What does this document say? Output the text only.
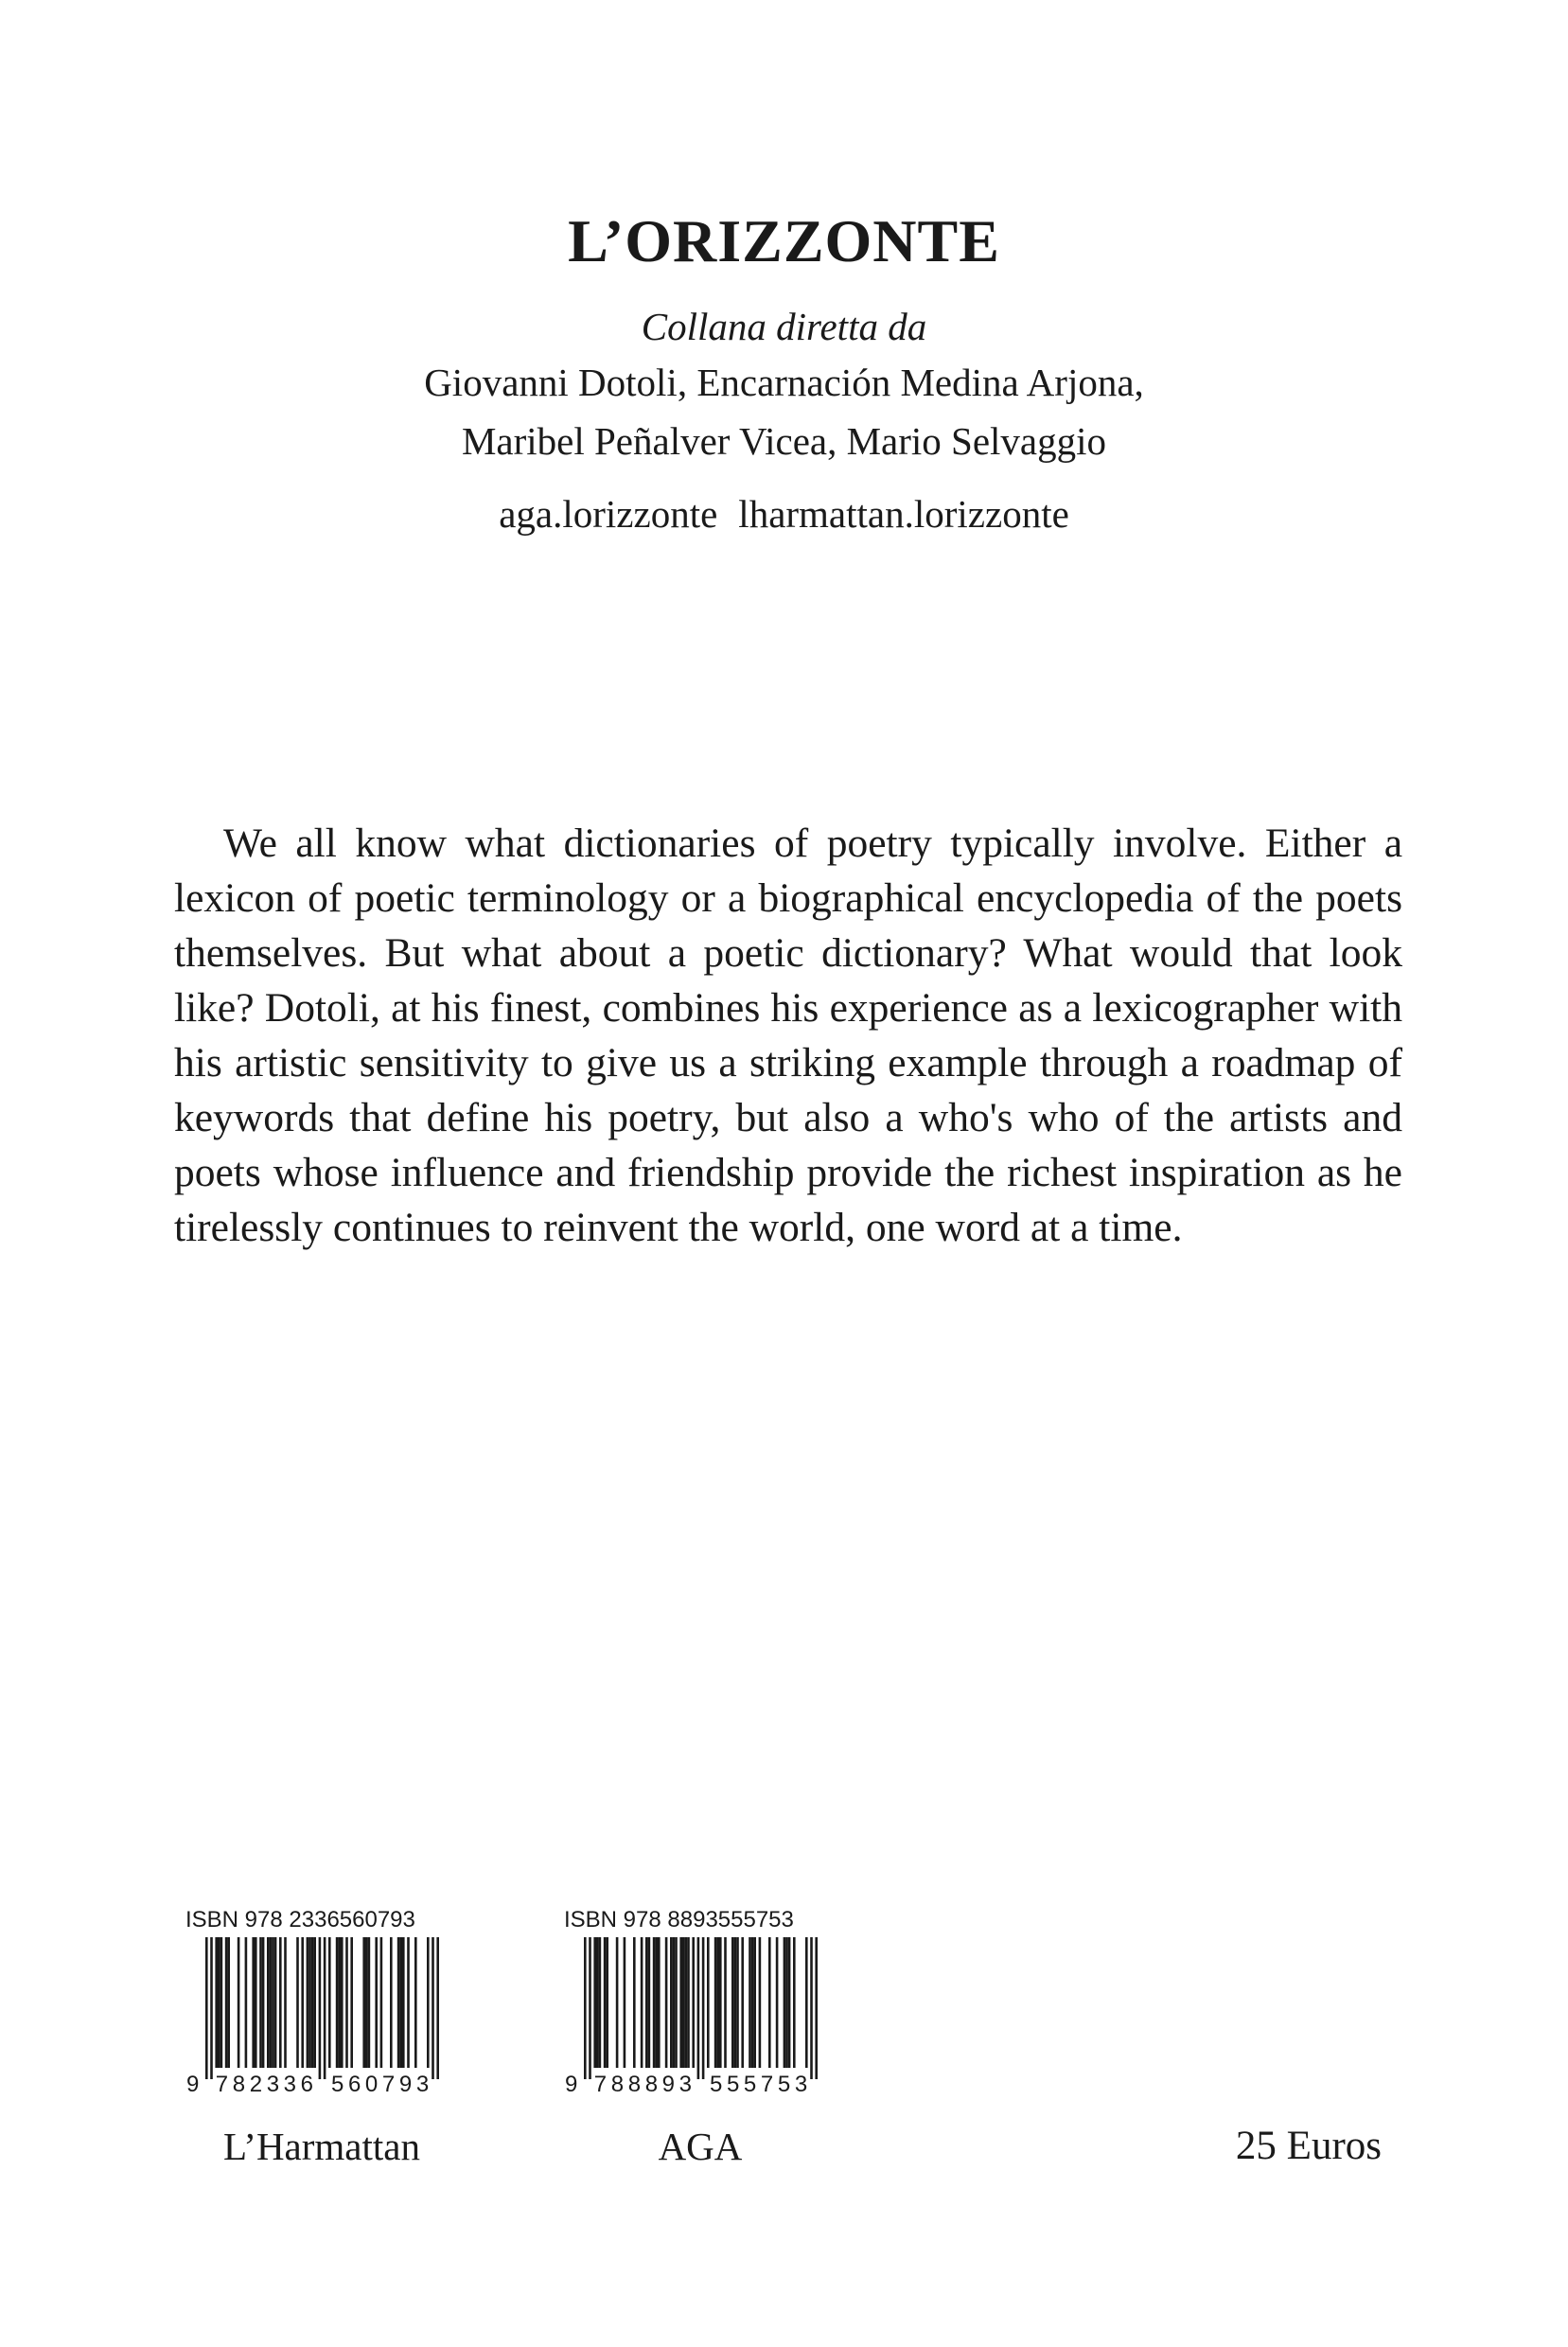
L’ORIZZONTE
Collana diretta da
Giovanni Dotoli, Encarnación Medina Arjona,
Maribel Peñalver Vicea, Mario Selvaggio
aga.lorizzonte lharmattan.lorizzonte

We all know what dictionaries of poetry typically involve. Either a lexicon of poetic terminology or a biographical encyclopedia of the poets themselves. But what about a poetic dictionary? What would that look like? Dotoli, at his finest, combines his experience as a lexicographer with his artistic sensitivity to give us a striking example through a roadmap of keywords that define his poetry, but also a who's who of the artists and poets whose influence and friendship provide the richest inspiration as he tirelessly continues to reinvent the world, one word at a time.

ISBN 978 2336560793
9 782336 560793
ISBN 978 8893555753
9 788893 555753
L’Harmattan	AGA	25 Euros
